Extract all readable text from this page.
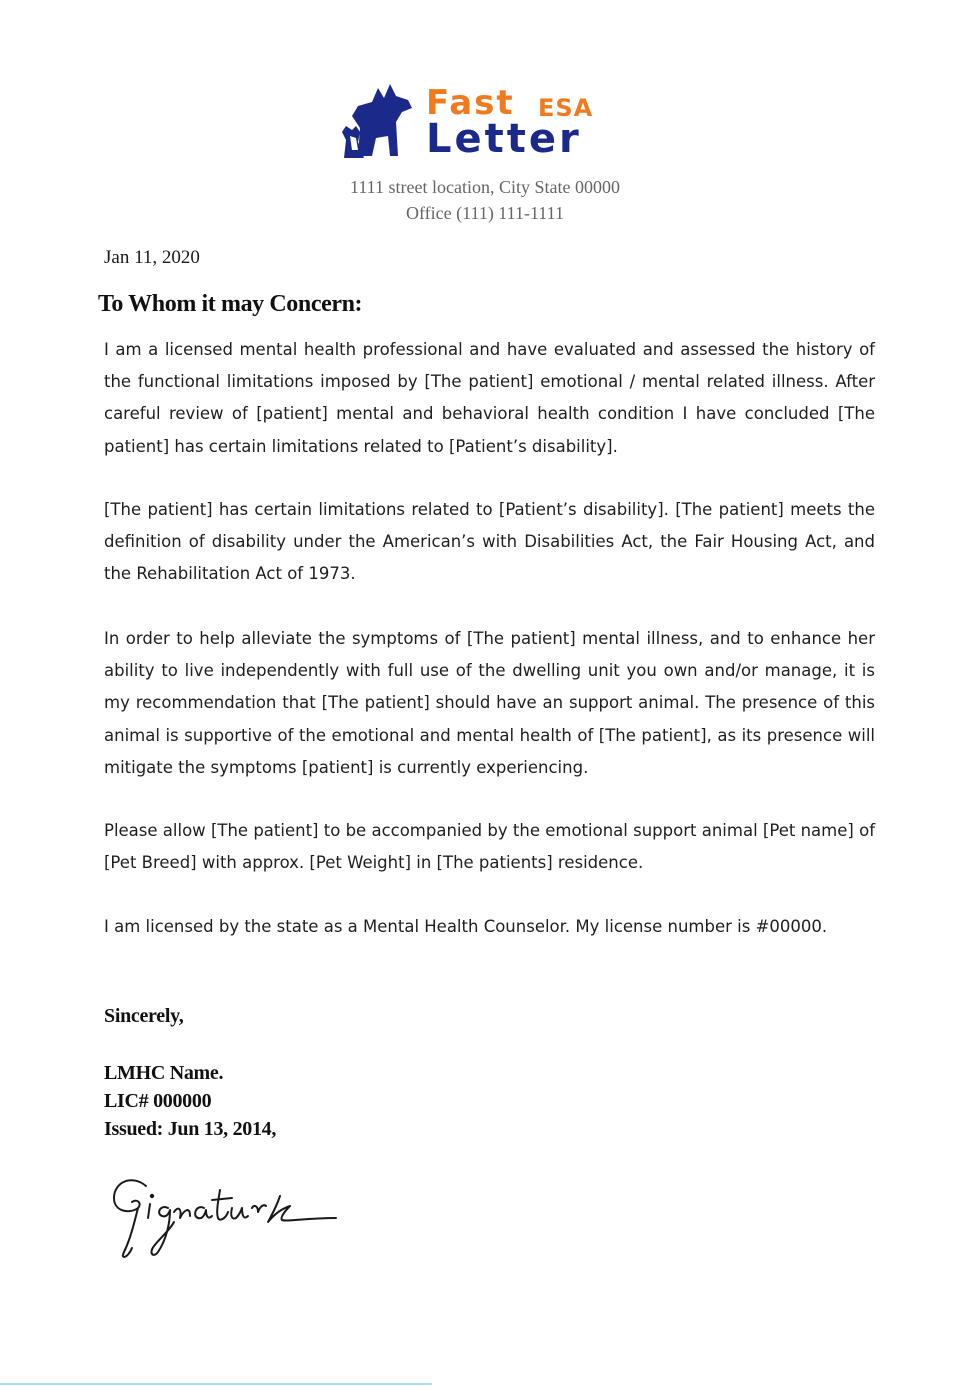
Fast ESA
Letter
1111 street location, City State 00000
Office (111) 111-1111
Jan 11, 2020
To Whom it may Concern:

I am a licensed mental health professional and have evaluated and assessed the history of the functional limitations imposed by [The patient] emotional / mental related illness. After careful review of [patient] mental and behavioral health condition I have concluded [The patient] has certain limitations related to [Patient’s disability].

[The patient] has certain limitations related to [Patient’s disability]. [The patient] meets the definition of disability under the American’s with Disabilities Act, the Fair Housing Act, and the Rehabilitation Act of 1973.

In order to help alleviate the symptoms of [The patient] mental illness, and to enhance her ability to live independently with full use of the dwelling unit you own and/or manage, it is my recommendation that [The patient] should have an support animal. The presence of this animal is supportive of the emotional and mental health of [The patient], as its presence will mitigate the symptoms [patient] is currently experiencing.

Please allow [The patient] to be accompanied by the emotional support animal [Pet name] of [Pet Breed] with approx. [Pet Weight] in [The patients] residence.

I am licensed by the state as a Mental Health Counselor. My license number is #00000.

Sincerely,
LMHC Name.
LIC# 000000
Issued: Jun 13, 2014,
